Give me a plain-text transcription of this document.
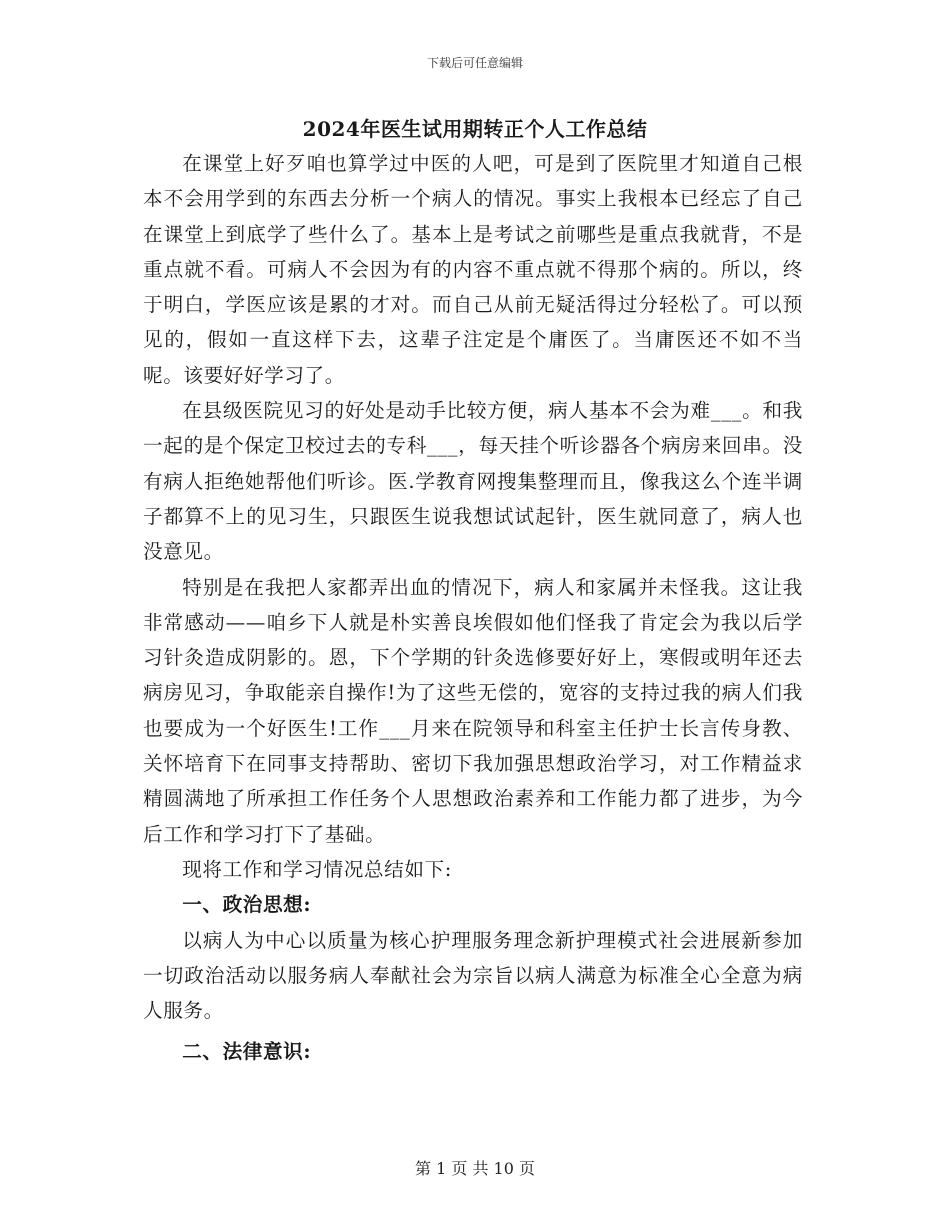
下载后可任意编辑
2024年医生试用期转正个人工作总结

在课堂上好歹咱也算学过中医的人吧，可是到了医院里才知道自己根本不会用学到的东西去分析一个病人的情况。事实上我根本已经忘了自己在课堂上到底学了些什么了。基本上是考试之前哪些是重点我就背，不是重点就不看。可病人不会因为有的内容不重点就不得那个病的。所以，终于明白，学医应该是累的才对。而自己从前无疑活得过分轻松了。可以预见的，假如一直这样下去，这辈子注定是个庸医了。当庸医还不如不当呢。该要好好学习了。

在县级医院见习的好处是动手比较方便，病人基本不会为难___。和我一起的是个保定卫校过去的专科___，每天挂个听诊器各个病房来回串。没有病人拒绝她帮他们听诊。医.学教育网搜集整理而且，像我这么个连半调子都算不上的见习生，只跟医生说我想试试起针，医生就同意了，病人也没意见。

特别是在我把人家都弄出血的情况下，病人和家属并未怪我。这让我非常感动——咱乡下人就是朴实善良埃假如他们怪我了肯定会为我以后学习针灸造成阴影的。恩，下个学期的针灸选修要好好上，寒假或明年还去病房见习，争取能亲自操作!为了这些无偿的，宽容的支持过我的病人们我也要成为一个好医生!工作___月来在院领导和科室主任护士长言传身教、关怀培育下在同事支持帮助、密切下我加强思想政治学习，对工作精益求精圆满地了所承担工作任务个人思想政治素养和工作能力都了进步，为今后工作和学习打下了基础。

现将工作和学习情况总结如下:

一、政治思想:

以病人为中心以质量为核心护理服务理念新护理模式社会进展新参加一切政治活动以服务病人奉献社会为宗旨以病人满意为标准全心全意为病人服务。

二、法律意识:
第 1 页 共 10 页
